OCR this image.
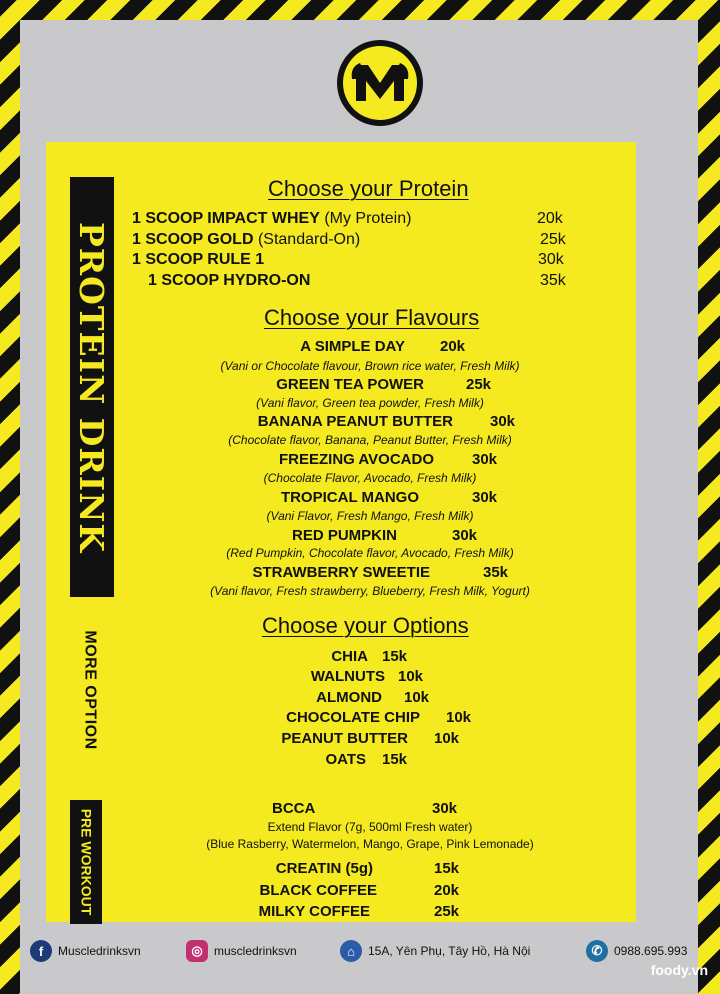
PROTEIN DRINK
MORE OPTION
PRE WORKOUT
Choose your Protein
1 SCOOP IMPACT WHEY (My Protein)	20k
1 SCOOP GOLD (Standard-On)	25k
1 SCOOP RULE 1	30k
1 SCOOP HYDRO-ON	35k
Choose your Flavours
A SIMPLE DAY 20k
(Vani or Chocolate flavour, Brown rice water, Fresh Milk)
GREEN TEA POWER	25k
(Vani flavor, Green tea powder, Fresh Milk)
BANANA PEANUT BUTTER 30k
(Chocolate flavor, Banana, Peanut Butter, Fresh Milk)
FREEZING AVOCADO	30k
(Chocolate Flavor, Avocado, Fresh Milk)
TROPICAL MANGO	30k
(Vani Flavor, Fresh Mango, Fresh Milk)
RED PUMPKIN	30k
(Red Pumpkin, Chocolate flavor, Avocado, Fresh Milk)
STRAWBERRY SWEETIE	35k
(Vani flavor, Fresh strawberry, Blueberry, Fresh Milk, Yogurt)
Choose your Options
CHIA 15k
WALNUTS 10k
ALMOND 10k
CHOCOLATE CHIP 10k
PEANUT BUTTER 10k
OATS 15k
BCCA	30k
Extend Flavor (7g, 500ml Fresh water)
(Blue Rasberry, Watermelon, Mango, Grape, Pink Lemonade)
CREATIN (5g)	15k
BLACK COFFEE	20k
MILKY COFFEE	25k
f	Muscledrinksvn	◎ muscledrinksvn	⌂	15A, Yên Phụ, Tây Hồ, Hà Nội	✆ 0988.695.993
foody.vn
